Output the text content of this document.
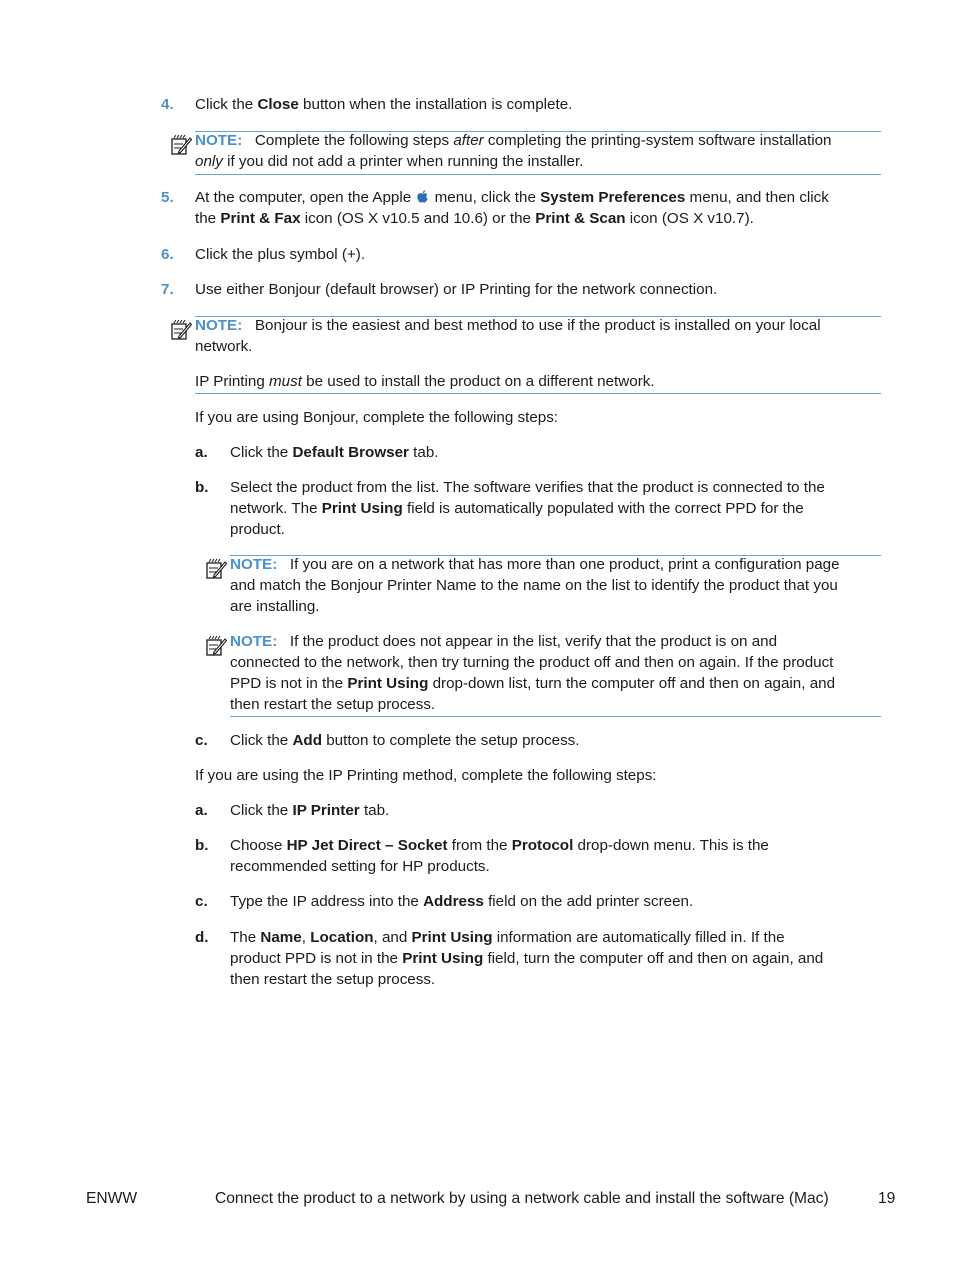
4.	Click the Close button when the installation is complete.
NOTE: Complete the following steps after completing the printing-system software installation
only if you did not add a printer when running the installer.
5.	At the computer, open the Apple  menu, click the System Preferences menu, and then click
the Print & Fax icon (OS X v10.5 and 10.6) or the Print & Scan icon (OS X v10.7).
6.	Click the plus symbol (+).
7.	Use either Bonjour (default browser) or IP Printing for the network connection.
NOTE: Bonjour is the easiest and best method to use if the product is installed on your local
network.
IP Printing must be used to install the product on a different network.
If you are using Bonjour, complete the following steps:
a.	Click the Default Browser tab.
b.	Select the product from the list. The software verifies that the product is connected to the
network. The Print Using field is automatically populated with the correct PPD for the
product.
NOTE: If you are on a network that has more than one product, print a configuration page
and match the Bonjour Printer Name to the name on the list to identify the product that you
are installing.
NOTE: If the product does not appear in the list, verify that the product is on and
connected to the network, then try turning the product off and then on again. If the product
PPD is not in the Print Using drop-down list, turn the computer off and then on again, and
then restart the setup process.
c.	Click the Add button to complete the setup process.
If you are using the IP Printing method, complete the following steps:
a.	Click the IP Printer tab.
b.	Choose HP Jet Direct – Socket from the Protocol drop-down menu. This is the
recommended setting for HP products.
c.	Type the IP address into the Address field on the add printer screen.
d.	The Name, Location, and Print Using information are automatically filled in. If the
product PPD is not in the Print Using field, turn the computer off and then on again, and
then restart the setup process.
ENWW	Connect the product to a network by using a network cable and install the software (Mac)	19
